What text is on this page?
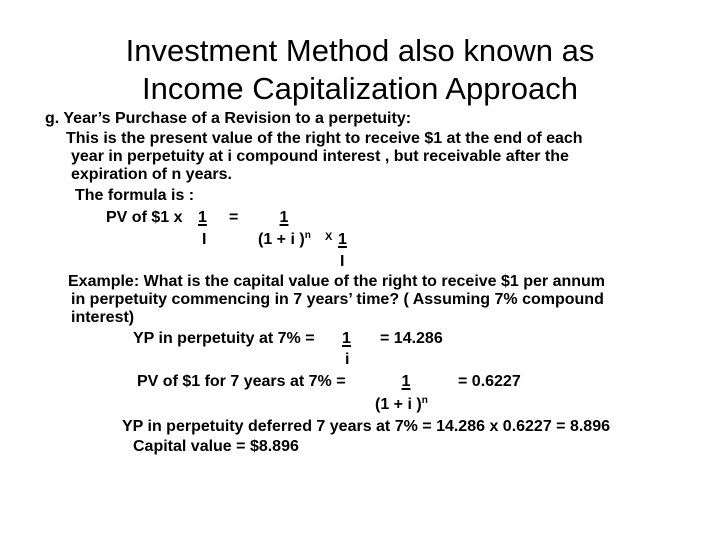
Investment Method also known as
Income Capitalization Approach
g. Year’s Purchase of a Revision to a perpetuity:
This is the present value of the right to receive $1 at the end of each
year in perpetuity at i compound interest , but receivable after the
expiration of n years.
The formula is :
PV of $1 x 1	=	1
I	(1 + i )$^n$ X 1
I
Example: What is the capital value of the right to receive $1 per annum
in perpetuity commencing in 7 years’ time? ( Assuming 7% compound
interest)
YP in perpetuity at 7% = 1	= 14.286
i
PV of $1 for 7 years at 7% =	1	= 0.6227
(1 + i )$^n$
YP in perpetuity deferred 7 years at 7% = 14.286 x 0.6227 = 8.896
Capital value = $8.896
